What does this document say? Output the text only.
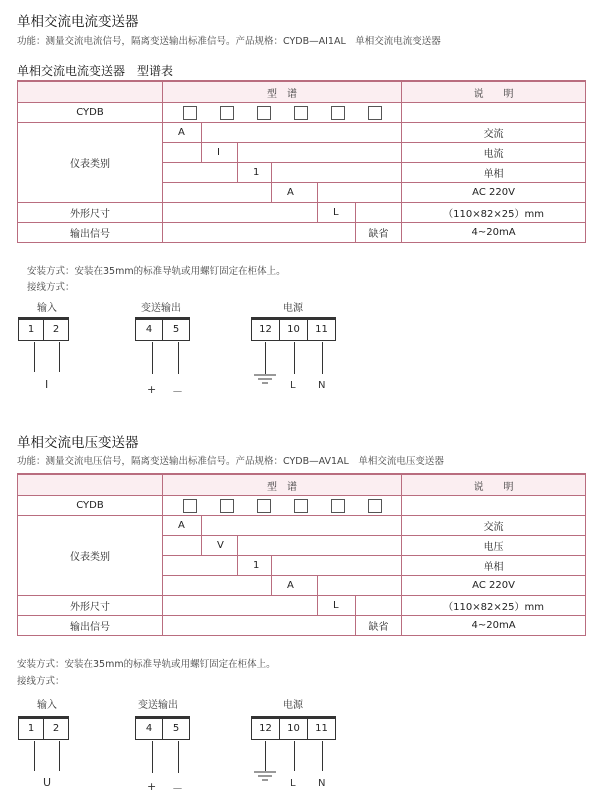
单相交流电流变送器
功能：测量交流电流信号，隔离变送输出标准信号。产品规格：CYDB—AI1AL　单相交流电流变送器
单相交流电流变送器　型谱表
	型　谱						说　　明
CYDB						

仪表类别	A						交流
		I					电流
			1				单相
				A			AC 220V
外形尺寸					L		（110×82×25）mm
输出信号						缺省	4~20mA
安装方式：安装在35mm的标准导轨或用螺钉固定在柜体上。
接线方式：
输入
1	2
I
变送输出
4	5
+ －
电源
12	10	11
L N
单相交流电压变送器
功能：测量交流电压信号，隔离变送输出标准信号。产品规格：CYDB—AV1AL　单相交流电压变送器
	型　谱						说　　明
CYDB						

仪表类别	A						交流
		V					电压
			1				单相
				A			AC 220V
外形尺寸					L		（110×82×25）mm
输出信号						缺省	4~20mA
安装方式：安装在35mm的标准导轨或用螺钉固定在柜体上。
接线方式：
输入
1	2
U
变送输出
4	5
+ －
电源
12	10	11
L N
